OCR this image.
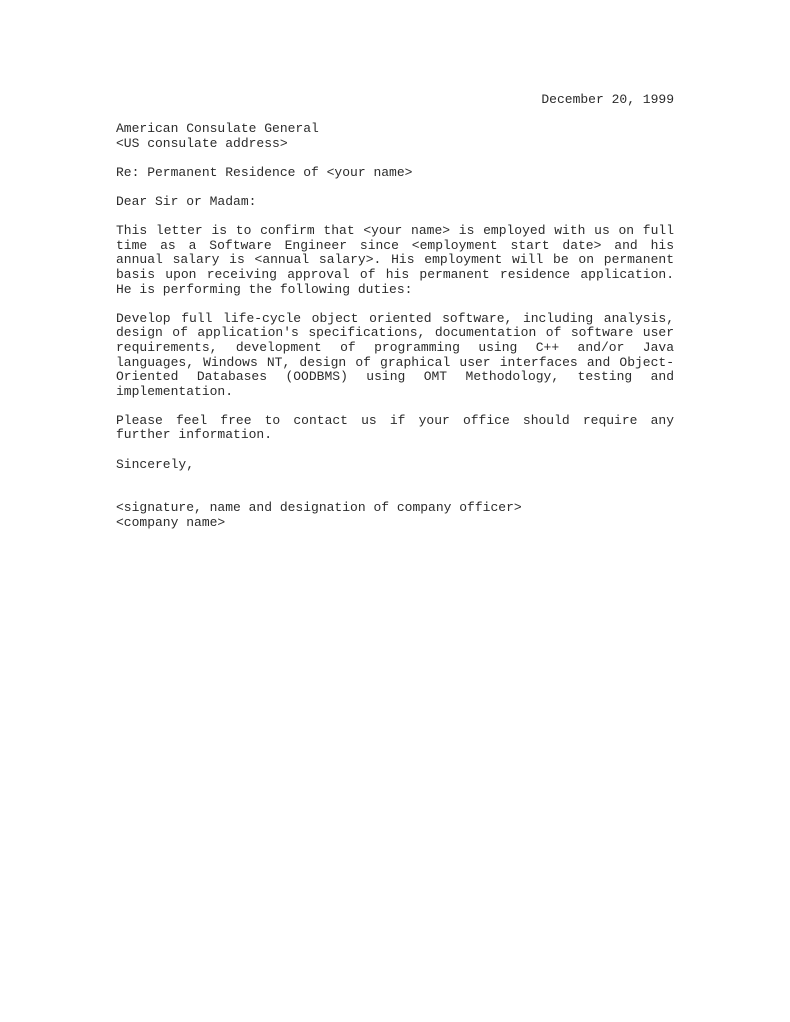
December 20, 1999
American Consulate General
<US consulate address>
Re: Permanent Residence of <your name>
Dear Sir or Madam:
This letter is to confirm that <your name> is employed with us on full time as a Software Engineer since <employment start date> and his annual salary is <annual salary>. His employment will be on permanent basis upon receiving approval of his permanent residence application. He is performing the following duties:
Develop full life-cycle object oriented software, including analysis, design of application's specifications, documentation of software user requirements, development of programming using C++ and/or Java languages, Windows NT, design of graphical user interfaces and Object-Oriented Databases (OODBMS) using OMT Methodology, testing and implementation.
Please feel free to contact us if your office should require any further information.
Sincerely,
<signature, name and designation of company officer>
<company name>
